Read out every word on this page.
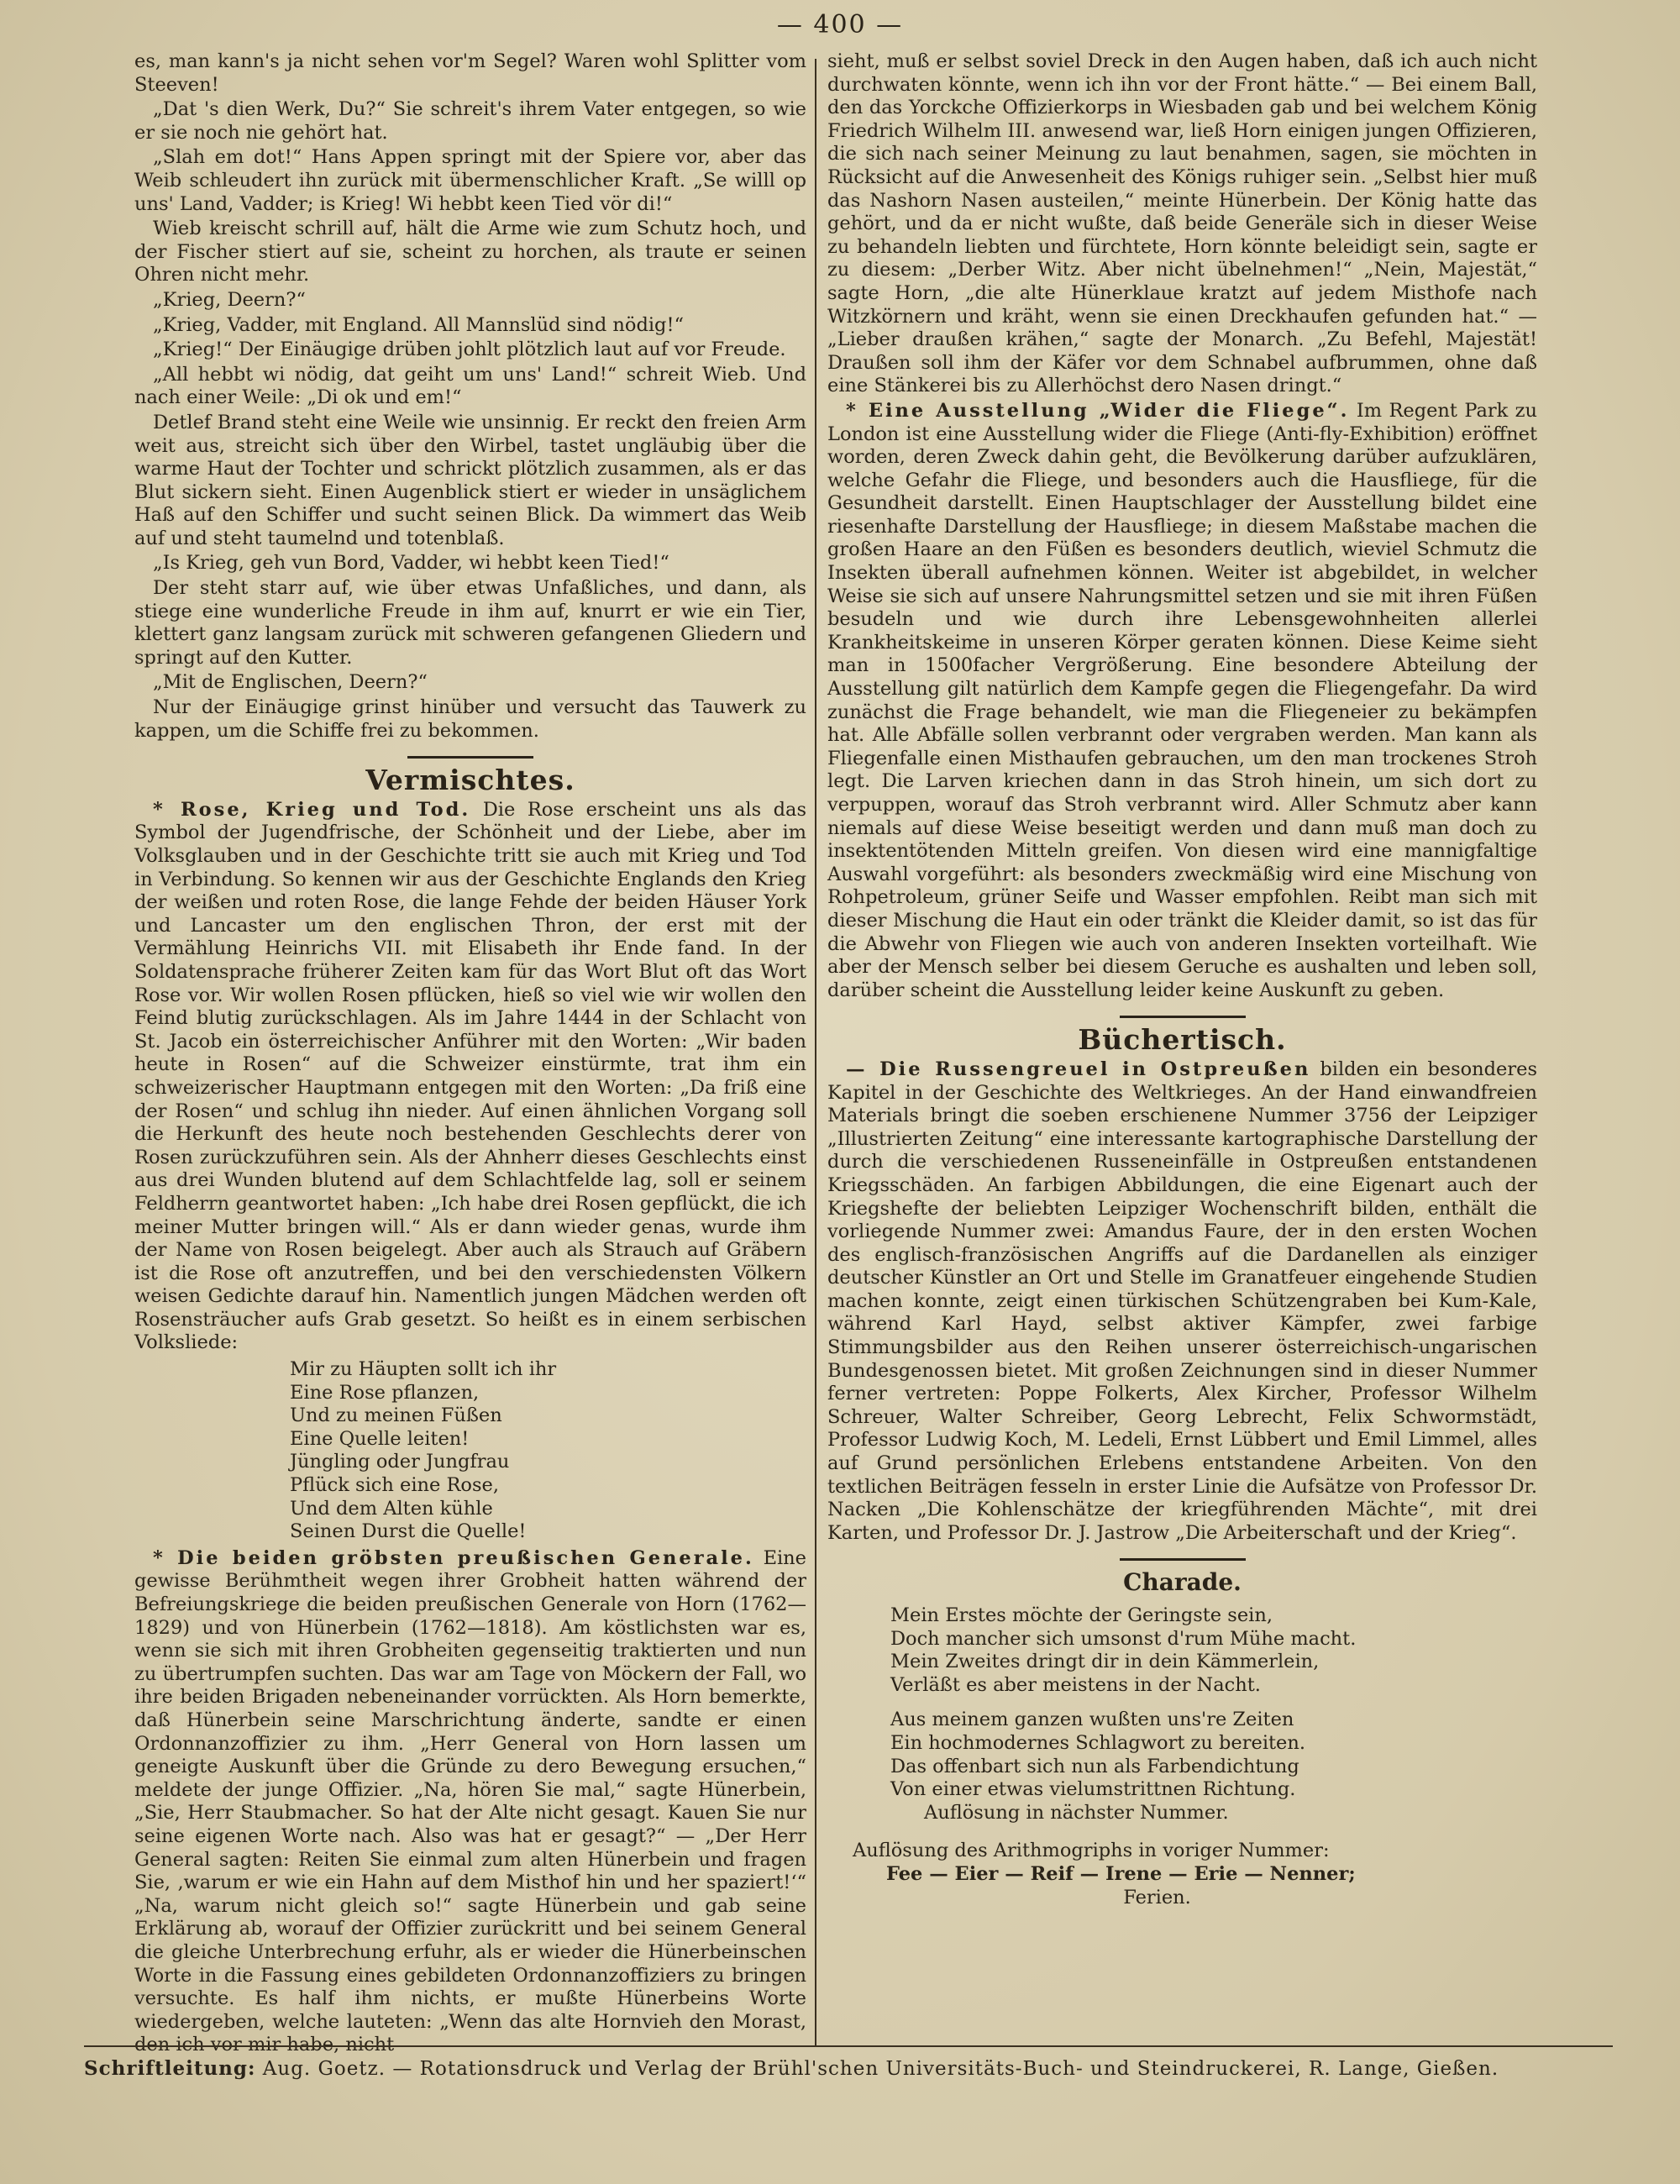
— 400 —

es, man kann's ja nicht sehen vor'm Segel? Waren wohl Splitter vom Steeven!

„Dat 's dien Werk, Du?“ Sie schreit's ihrem Vater entgegen, so wie er sie noch nie gehört hat.

„Slah em dot!“ Hans Appen springt mit der Spiere vor, aber das Weib schleudert ihn zurück mit übermenschlicher Kraft. „Se willl op uns' Land, Vadder; is Krieg! Wi hebbt keen Tied vör di!“

Wieb kreischt schrill auf, hält die Arme wie zum Schutz hoch, und der Fischer stiert auf sie, scheint zu horchen, als traute er seinen Ohren nicht mehr.

„Krieg, Deern?“

„Krieg, Vadder, mit England. All Mannslüd sind nödig!“

„Krieg!“ Der Einäugige drüben johlt plötzlich laut auf vor Freude.

„All hebbt wi nödig, dat geiht um uns' Land!“ schreit Wieb. Und nach einer Weile: „Di ok und em!“

Detlef Brand steht eine Weile wie unsinnig. Er reckt den freien Arm weit aus, streicht sich über den Wirbel, tastet ungläubig über die warme Haut der Tochter und schrickt plötzlich zusammen, als er das Blut sickern sieht. Einen Augenblick stiert er wieder in unsäglichem Haß auf den Schiffer und sucht seinen Blick. Da wimmert das Weib auf und steht taumelnd und totenblaß.

„Is Krieg, geh vun Bord, Vadder, wi hebbt keen Tied!“

Der steht starr auf, wie über etwas Unfaßliches, und dann, als stiege eine wunderliche Freude in ihm auf, knurrt er wie ein Tier, klettert ganz langsam zurück mit schweren gefangenen Gliedern und springt auf den Kutter.

„Mit de Englischen, Deern?“

Nur der Einäugige grinst hinüber und versucht das Tauwerk zu kappen, um die Schiffe frei zu bekommen.

Vermischtes.

* Rose, Krieg und Tod. Die Rose erscheint uns als das Symbol der Jugendfrische, der Schönheit und der Liebe, aber im Volksglauben und in der Geschichte tritt sie auch mit Krieg und Tod in Verbindung. So kennen wir aus der Geschichte Englands den Krieg der weißen und roten Rose, die lange Fehde der beiden Häuser York und Lancaster um den englischen Thron, der erst mit der Vermählung Heinrichs VII. mit Elisabeth ihr Ende fand. In der Soldatensprache früherer Zeiten kam für das Wort Blut oft das Wort Rose vor. Wir wollen Rosen pflücken, hieß so viel wie wir wollen den Feind blutig zurückschlagen. Als im Jahre 1444 in der Schlacht von St. Jacob ein österreichischer Anführer mit den Worten: „Wir baden heute in Rosen“ auf die Schweizer einstürmte, trat ihm ein schweizerischer Hauptmann entgegen mit den Worten: „Da friß eine der Rosen“ und schlug ihn nieder. Auf einen ähnlichen Vorgang soll die Herkunft des heute noch bestehenden Geschlechts derer von Rosen zurückzuführen sein. Als der Ahnherr dieses Geschlechts einst aus drei Wunden blutend auf dem Schlachtfelde lag, soll er seinem Feldherrn geantwortet haben: „Ich habe drei Rosen gepflückt, die ich meiner Mutter bringen will.“ Als er dann wieder genas, wurde ihm der Name von Rosen beigelegt. Aber auch als Strauch auf Gräbern ist die Rose oft anzutreffen, und bei den verschiedensten Völkern weisen Gedichte darauf hin. Namentlich jungen Mädchen werden oft Rosensträucher aufs Grab gesetzt. So heißt es in einem serbischen Volksliede:

Mir zu Häupten sollt ich ihr
Eine Rose pflanzen,
Und zu meinen Füßen
Eine Quelle leiten!
Jüngling oder Jungfrau
Pflück sich eine Rose,
Und dem Alten kühle
Seinen Durst die Quelle!

* Die beiden gröbsten preußischen Generale. Eine gewisse Berühmtheit wegen ihrer Grobheit hatten während der Befreiungskriege die beiden preußischen Generale von Horn (1762—1829) und von Hünerbein (1762—1818). Am köstlichsten war es, wenn sie sich mit ihren Grobheiten gegenseitig traktierten und nun zu übertrumpfen suchten. Das war am Tage von Möckern der Fall, wo ihre beiden Brigaden nebeneinander vorrückten. Als Horn bemerkte, daß Hünerbein seine Marschrichtung änderte, sandte er einen Ordonnanzoffizier zu ihm. „Herr General von Horn lassen um geneigte Auskunft über die Gründe zu dero Bewegung ersuchen,“ meldete der junge Offizier. „Na, hören Sie mal,“ sagte Hünerbein, „Sie, Herr Staubmacher. So hat der Alte nicht gesagt. Kauen Sie nur seine eigenen Worte nach. Also was hat er gesagt?“ — „Der Herr General sagten: Reiten Sie einmal zum alten Hünerbein und fragen Sie, ‚warum er wie ein Hahn auf dem Misthof hin und her spaziert!‘“ „Na, warum nicht gleich so!“ sagte Hünerbein und gab seine Erklärung ab, worauf der Offizier zurückritt und bei seinem General die gleiche Unterbrechung erfuhr, als er wieder die Hünerbeinschen Worte in die Fassung eines gebildeten Ordonnanzoffiziers zu bringen versuchte. Es half ihm nichts, er mußte Hünerbeins Worte wiedergeben, welche lauteten: „Wenn das alte Hornvieh den Morast, den ich vor mir habe, nicht

sieht, muß er selbst soviel Dreck in den Augen haben, daß ich auch nicht durchwaten könnte, wenn ich ihn vor der Front hätte.“ — Bei einem Ball, den das Yorckche Offizierkorps in Wiesbaden gab und bei welchem König Friedrich Wilhelm III. anwesend war, ließ Horn einigen jungen Offizieren, die sich nach seiner Meinung zu laut benahmen, sagen, sie möchten in Rücksicht auf die Anwesenheit des Königs ruhiger sein. „Selbst hier muß das Nashorn Nasen austeilen,“ meinte Hünerbein. Der König hatte das gehört, und da er nicht wußte, daß beide Generäle sich in dieser Weise zu behandeln liebten und fürchtete, Horn könnte beleidigt sein, sagte er zu diesem: „Derber Witz. Aber nicht übelnehmen!“ „Nein, Majestät,“ sagte Horn, „die alte Hünerklaue kratzt auf jedem Misthofe nach Witzkörnern und kräht, wenn sie einen Dreckhaufen gefunden hat.“ — „Lieber draußen krähen,“ sagte der Monarch. „Zu Befehl, Majestät! Draußen soll ihm der Käfer vor dem Schnabel aufbrummen, ohne daß eine Stänkerei bis zu Allerhöchst dero Nasen dringt.“

* Eine Ausstellung „Wider die Fliege“. Im Regent Park zu London ist eine Ausstellung wider die Fliege (Anti-fly-Exhibition) eröffnet worden, deren Zweck dahin geht, die Bevölkerung darüber aufzuklären, welche Gefahr die Fliege, und besonders auch die Hausfliege, für die Gesundheit darstellt. Einen Hauptschlager der Ausstellung bildet eine riesenhafte Darstellung der Hausfliege; in diesem Maßstabe machen die großen Haare an den Füßen es besonders deutlich, wieviel Schmutz die Insekten überall aufnehmen können. Weiter ist abgebildet, in welcher Weise sie sich auf unsere Nahrungsmittel setzen und sie mit ihren Füßen besudeln und wie durch ihre Lebensgewohnheiten allerlei Krankheitskeime in unseren Körper geraten können. Diese Keime sieht man in 1500facher Vergrößerung. Eine besondere Abteilung der Ausstellung gilt natürlich dem Kampfe gegen die Fliegengefahr. Da wird zunächst die Frage behandelt, wie man die Fliegeneier zu bekämpfen hat. Alle Abfälle sollen verbrannt oder vergraben werden. Man kann als Fliegenfalle einen Misthaufen gebrauchen, um den man trockenes Stroh legt. Die Larven kriechen dann in das Stroh hinein, um sich dort zu verpuppen, worauf das Stroh verbrannt wird. Aller Schmutz aber kann niemals auf diese Weise beseitigt werden und dann muß man doch zu insektentötenden Mitteln greifen. Von diesen wird eine mannigfaltige Auswahl vorgeführt: als besonders zweckmäßig wird eine Mischung von Rohpetroleum, grüner Seife und Wasser empfohlen. Reibt man sich mit dieser Mischung die Haut ein oder tränkt die Kleider damit, so ist das für die Abwehr von Fliegen wie auch von anderen Insekten vorteilhaft. Wie aber der Mensch selber bei diesem Geruche es aushalten und leben soll, darüber scheint die Ausstellung leider keine Auskunft zu geben.

Büchertisch.

— Die Russengreuel in Ostpreußen bilden ein besonderes Kapitel in der Geschichte des Weltkrieges. An der Hand einwandfreien Materials bringt die soeben erschienene Nummer 3756 der Leipziger „Illustrierten Zeitung“ eine interessante kartographische Darstellung der durch die verschiedenen Russeneinfälle in Ostpreußen entstandenen Kriegsschäden. An farbigen Abbildungen, die eine Eigenart auch der Kriegshefte der beliebten Leipziger Wochenschrift bilden, enthält die vorliegende Nummer zwei: Amandus Faure, der in den ersten Wochen des englisch-französischen Angriffs auf die Dardanellen als einziger deutscher Künstler an Ort und Stelle im Granatfeuer eingehende Studien machen konnte, zeigt einen türkischen Schützengraben bei Kum-Kale, während Karl Hayd, selbst aktiver Kämpfer, zwei farbige Stimmungsbilder aus den Reihen unserer österreichisch-ungarischen Bundesgenossen bietet. Mit großen Zeichnungen sind in dieser Nummer ferner vertreten: Poppe Folkerts, Alex Kircher, Professor Wilhelm Schreuer, Walter Schreiber, Georg Lebrecht, Felix Schwormstädt, Professor Ludwig Koch, M. Ledeli, Ernst Lübbert und Emil Limmel, alles auf Grund persönlichen Erlebens entstandene Arbeiten. Von den textlichen Beiträgen fesseln in erster Linie die Aufsätze von Professor Dr. Nacken „Die Kohlenschätze der kriegführenden Mächte“, mit drei Karten, und Professor Dr. J. Jastrow „Die Arbeiterschaft und der Krieg“.

Charade.
Mein Erstes möchte der Geringste sein,
Doch mancher sich umsonst d'rum Mühe macht.
Mein Zweites dringt dir in dein Kämmerlein,
Verläßt es aber meistens in der Nacht.
Aus meinem ganzen wußten uns're Zeiten
Ein hochmodernes Schlagwort zu bereiten.
Das offenbart sich nun als Farbendichtung
Von einer etwas vielumstrittnen Richtung.
Auflösung in nächster Nummer.
Auflösung des Arithmogriphs in voriger Nummer:
Fee — Eier — Reif — Irene — Erie — Nenner;
Ferien.
Schriftleitung: Aug. Goetz. — Rotationsdruck und Verlag der Brühl'schen Universitäts-Buch- und Steindruckerei, R. Lange, Gießen.
